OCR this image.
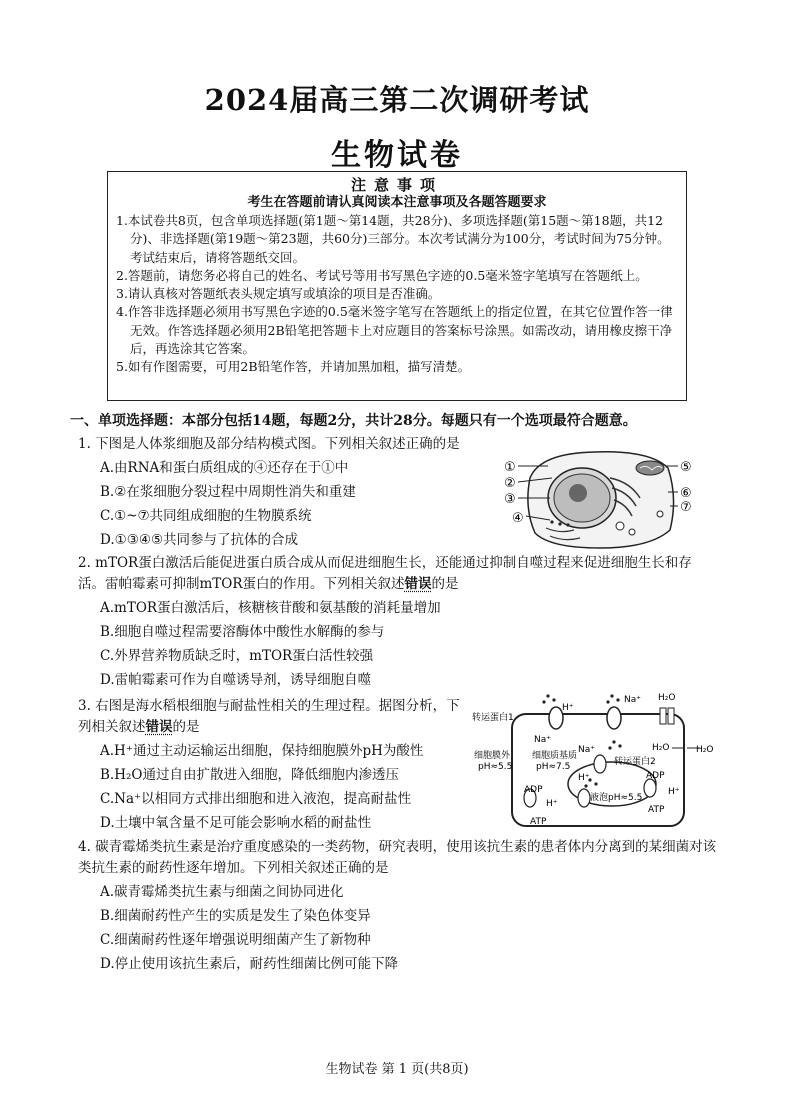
2024届高三第二次调研考试
生物试卷
注意事项
考生在答题前请认真阅读本注意事项及各题答题要求
1.本试卷共8页，包含单项选择题(第1题～第14题，共28分)、多项选择题(第15题～第18题，共12分)、非选择题(第19题～第23题，共60分)三部分。本次考试满分为100分，考试时间为75分钟。考试结束后，请将答题纸交回。
2.答题前，请您务必将自己的姓名、考试号等用书写黑色字迹的0.5毫米签字笔填写在答题纸上。
3.请认真核对答题纸表头规定填写或填涂的项目是否准确。
4.作答非选择题必须用书写黑色字迹的0.5毫米签字笔写在答题纸上的指定位置，在其它位置作答一律无效。作答选择题必须用2B铅笔把答题卡上对应题目的答案标号涂黑。如需改动，请用橡皮擦干净后，再选涂其它答案。
5.如有作图需要，可用2B铅笔作答，并请加黑加粗，描写清楚。
一、单项选择题：本部分包括14题，每题2分，共计28分。每题只有一个选项最符合题意。
1. 下图是人体浆细胞及部分结构模式图。下列相关叙述正确的是
A.由RNA和蛋白质组成的④还存在于①中
B.②在浆细胞分裂过程中周期性消失和重建
C.①~⑦共同组成细胞的生物膜系统
D.①③④⑤共同参与了抗体的合成
①
②
③
④
⑤
⑥
⑦
2. mTOR蛋白激活后能促进蛋白质合成从而促进细胞生长，还能通过抑制自噬过程来促进细胞生长和存活。雷帕霉素可抑制mTOR蛋白的作用。下列相关叙述错误的是
A.mTOR蛋白激活后，核糖核苷酸和氨基酸的消耗量增加
B.细胞自噬过程需要溶酶体中酸性水解酶的参与
C.外界营养物质缺乏时，mTOR蛋白活性较强
D.雷帕霉素可作为自噬诱导剂，诱导细胞自噬
3. 右图是海水稻根细胞与耐盐性相关的生理过程。据图分析，下列相关叙述错误的是
A.H⁺通过主动运输运出细胞，保持细胞膜外pH为酸性
B.H₂O通过自由扩散进入细胞，降低细胞内渗透压
C.Na⁺以相同方式排出细胞和进入液泡，提高耐盐性
D.土壤中氧含量不足可能会影响水稻的耐盐性
转运蛋白1
H⁺
Na⁺ H₂O
H₂O	H₂O
Na⁺
Na⁺
细胞膜外
pH≈5.5
细胞质基质
pH≈7.5	转运蛋白2
H⁺
液泡pH≈5.5
ADP
ATP
H⁺
ADP
ATP
H⁺
4. 碳青霉烯类抗生素是治疗重度感染的一类药物，研究表明，使用该抗生素的患者体内分离到的某细菌对该类抗生素的耐药性逐年增加。下列相关叙述正确的是
A.碳青霉烯类抗生素与细菌之间协同进化
B.细菌耐药性产生的实质是发生了染色体变异
C.细菌耐药性逐年增强说明细菌产生了新物种
D.停止使用该抗生素后，耐药性细菌比例可能下降
生物试卷 第 1 页(共8页)
